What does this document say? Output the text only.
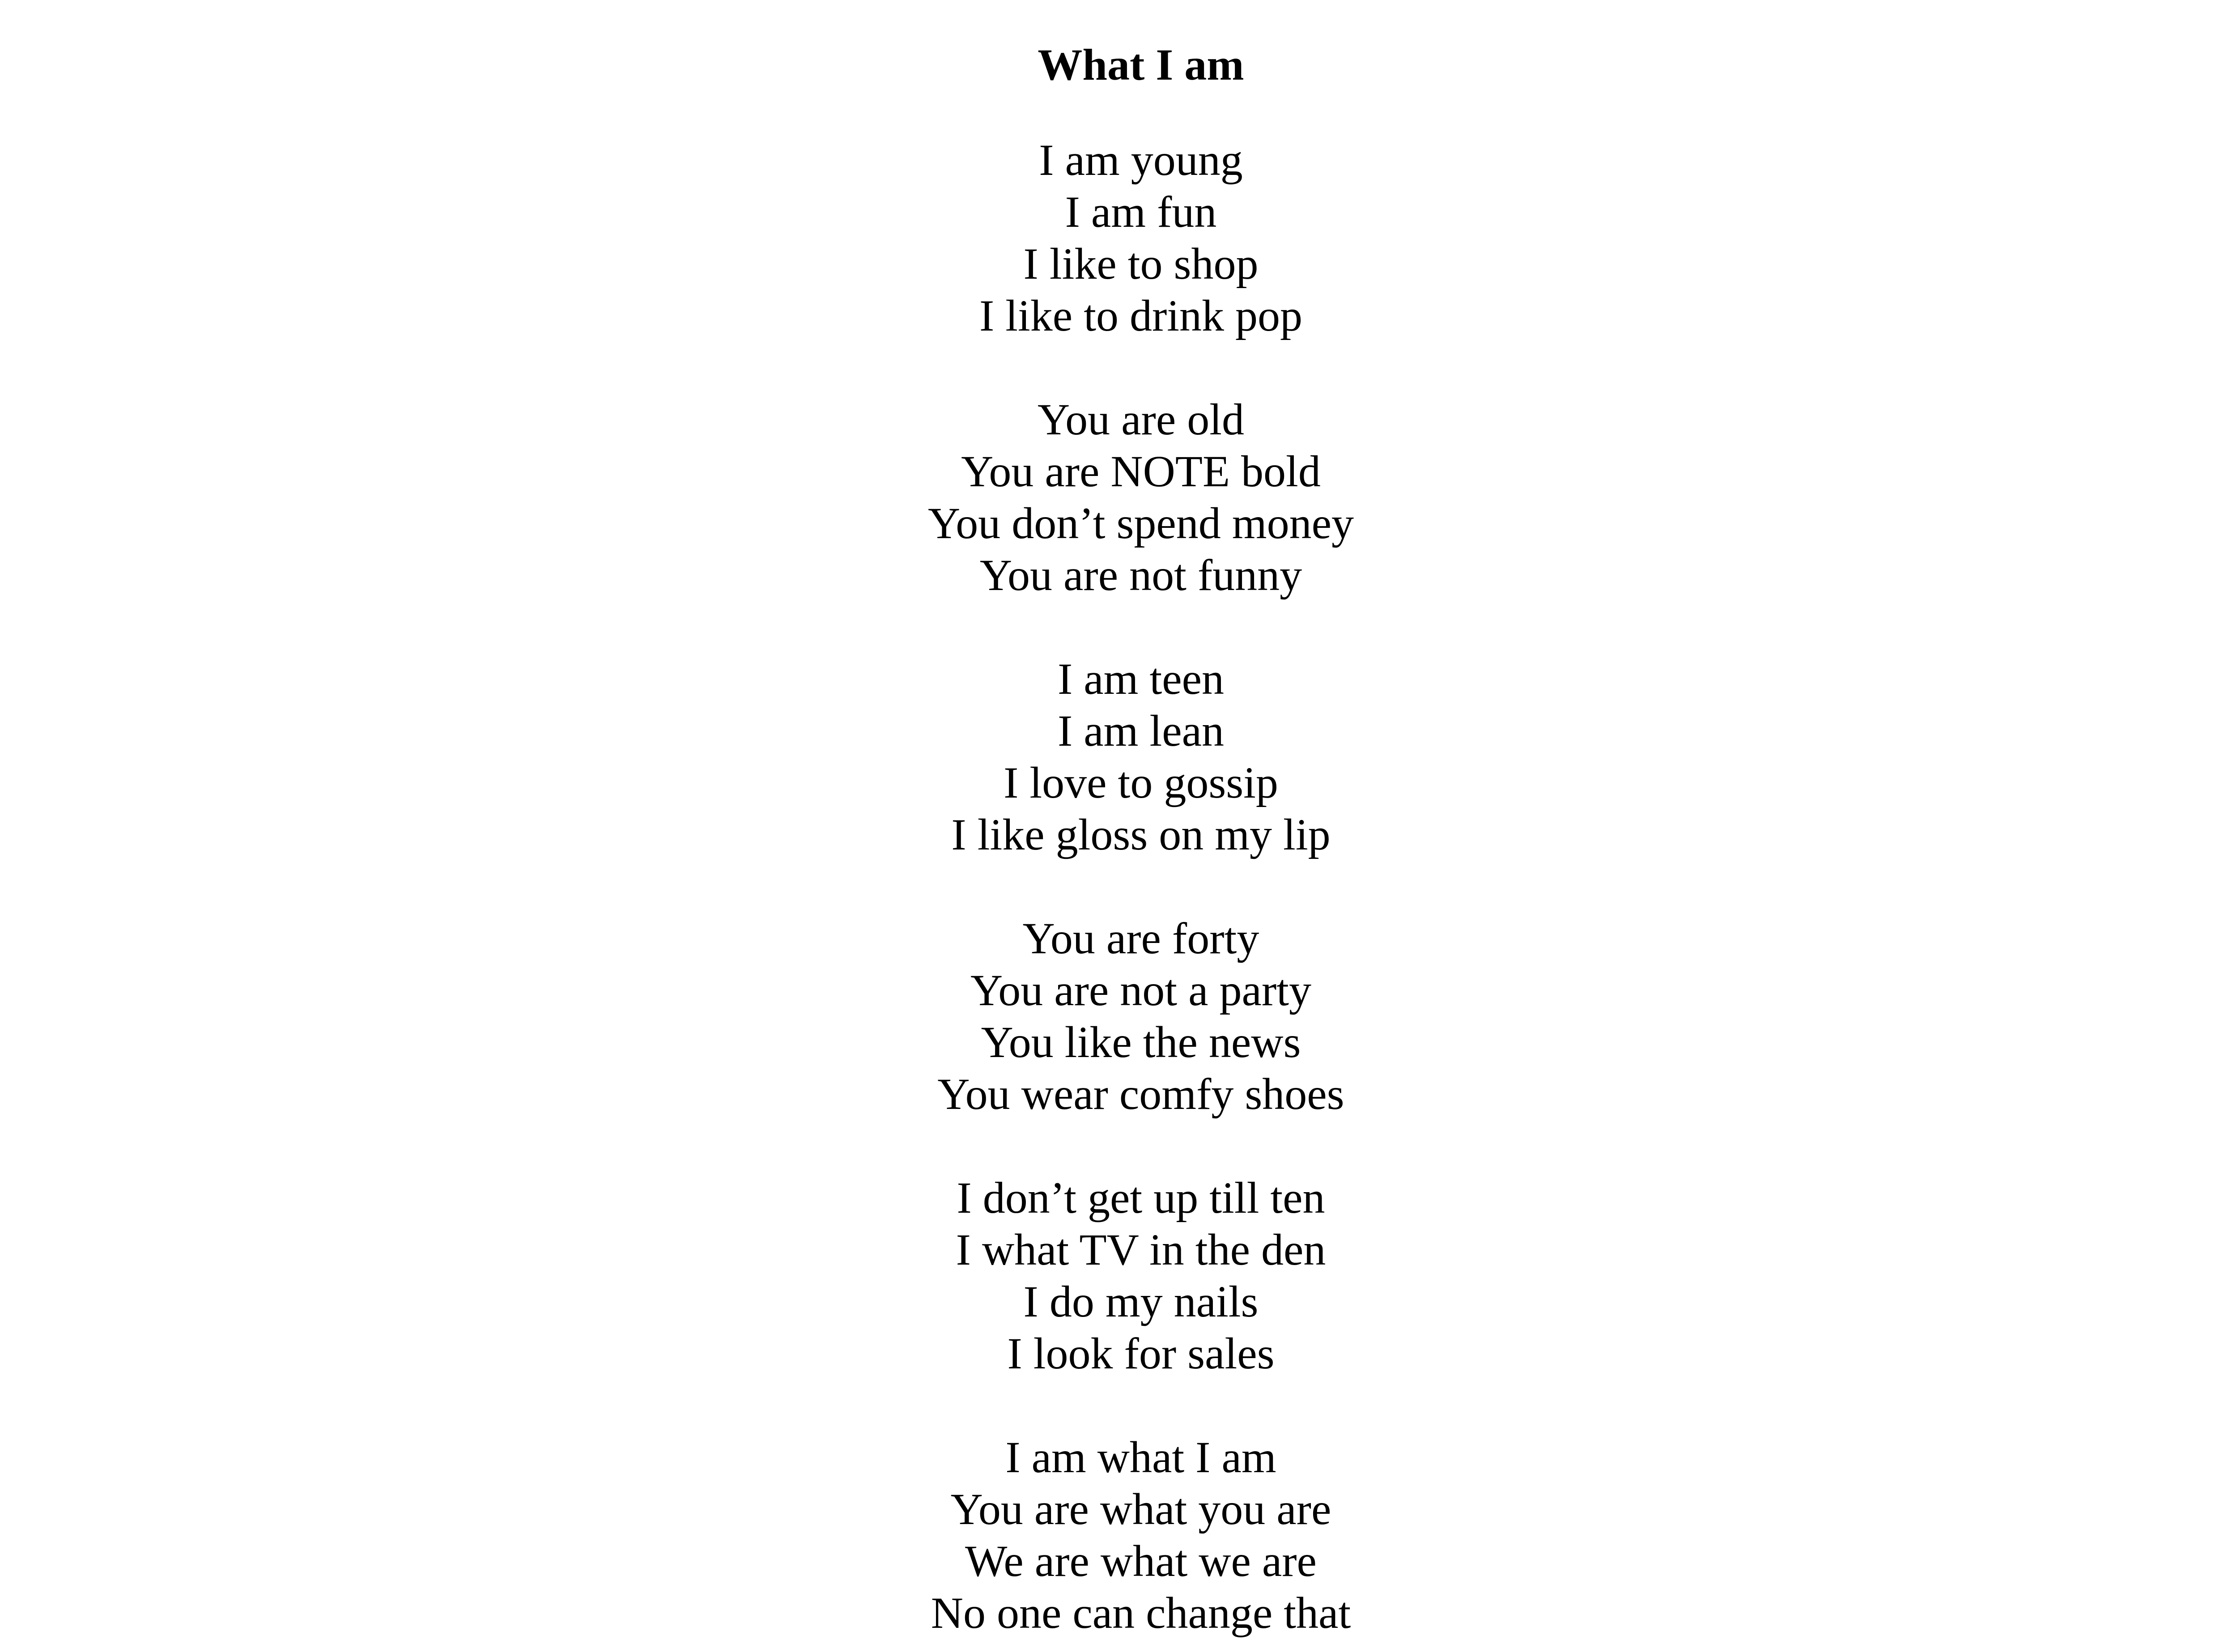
What I am
I am young
I am fun
I like to shop
I like to drink pop
You are old
You are NOTE bold
You don’t spend money
You are not funny
I am teen
I am lean
I love to gossip
I like gloss on my lip
You are forty
You are not a party
You like the news
You wear comfy shoes
I don’t get up till ten
I what TV in the den
I do my nails
I look for sales
I am what I am
You are what you are
We are what we are
No one can change that
